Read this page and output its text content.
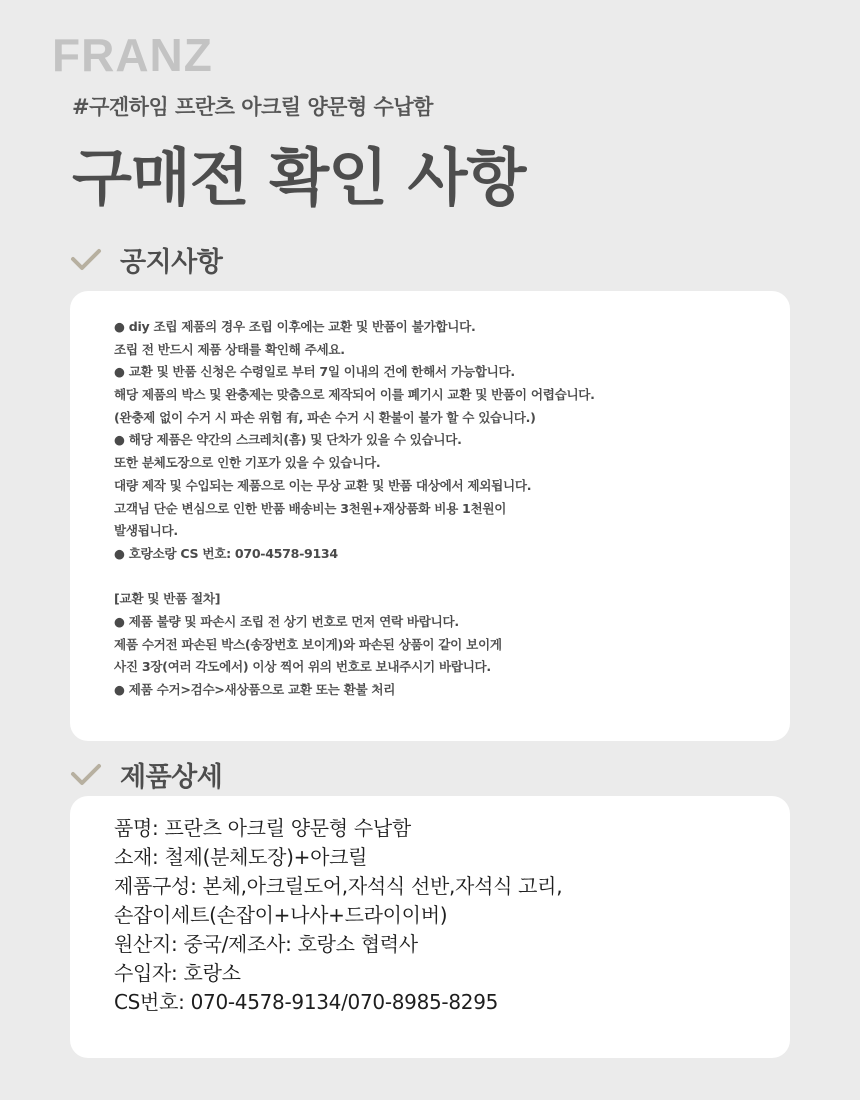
FRANZ
#구겐하임 프란츠 아크릴 양문형 수납함
구매전 확인 사항
공지사항
● diy 조립 제품의 경우 조립 이후에는 교환 및 반품이 불가합니다.
조립 전 반드시 제품 상태를 확인해 주세요.
● 교환 및 반품 신청은 수령일로 부터 7일 이내의 건에 한해서 가능합니다.
해당 제품의 박스 및 완충제는 맞춤으로 제작되어 이를 폐기시 교환 및 반품이 어렵습니다.
(완충제 없이 수거 시 파손 위험 有, 파손 수거 시 환불이 불가 할 수 있습니다.)
● 해당 제품은 약간의 스크레치(흠) 및 단차가 있을 수 있습니다.
또한 분체도장으로 인한 기포가 있을 수 있습니다.
대량 제작 및 수입되는 제품으로 이는 무상 교환 및 반품 대상에서 제외됩니다.
고객님 단순 변심으로 인한 반품 배송비는 3천원+재상품화 비용 1천원이
발생됩니다.
● 호랑소랑 CS 번호: 070-4578-9134
[교환 및 반품 절차]
● 제품 불량 및 파손시 조립 전 상기 번호로 먼저 연락 바랍니다.
제품 수거전 파손된 박스(송장번호 보이게)와 파손된 상품이 같이 보이게
사진 3장(여러 각도에서) 이상 찍어 위의 번호로 보내주시기 바랍니다.
● 제품 수거>검수>새상품으로 교환 또는 환불 처리
제품상세
품명: 프란츠 아크릴 양문형 수납함
소재: 철제(분체도장)+아크릴
제품구성: 본체,아크릴도어,자석식 선반,자석식 고리,
손잡이세트(손잡이+나사+드라이이버)
원산지: 중국/제조사: 호랑소 협력사
수입자: 호랑소
CS번호: 070-4578-9134/070-8985-8295
